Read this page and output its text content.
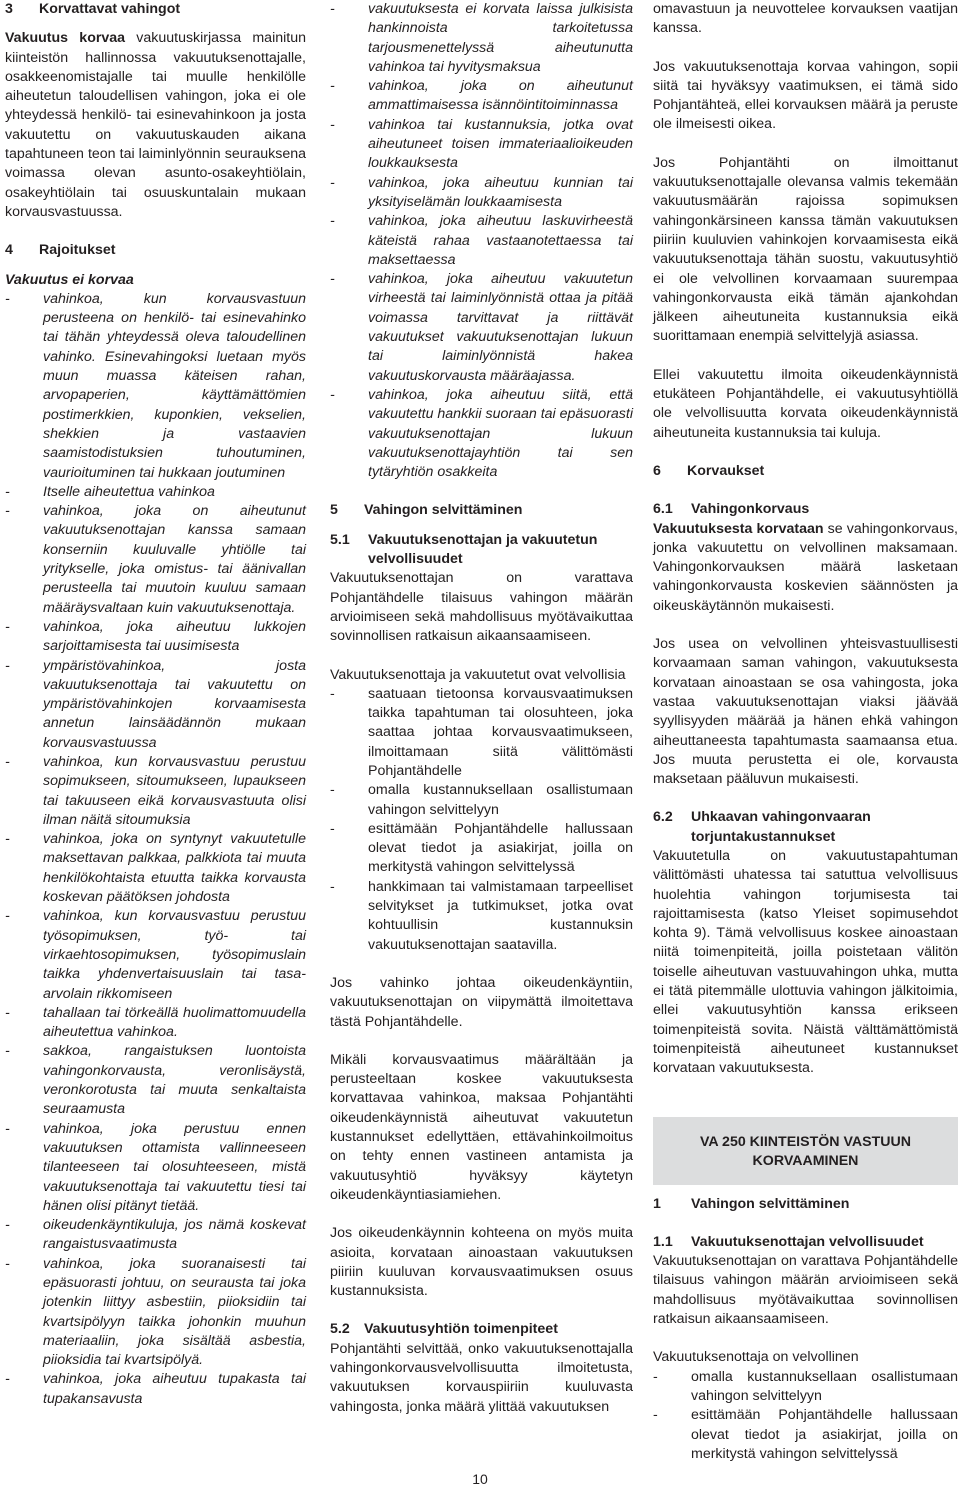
3 Korvattavat vahingot

Vakuutus korvaa vakuutuskirjassa mainitun kiinteistön hallinnossa vakuutuksenottajalle, osakkeenomistajalle tai muulle henkilölle aiheutetun taloudellisen vahingon, joka ei ole yhteydessä henkilö- tai esinevahinkoon ja josta vakuutettu on vakuutuskauden aikana tapahtuneen teon tai laiminlyönnin seurauksena voimassa olevan asunto-osakeyhtiölain, osakeyhtiölain tai osuuskuntalain mukaan korvausvastuussa.

4 Rajoitukset
Vakuutus ei korvaa
- vahinkoa, kun korvausvastuun perusteena on henkilö- tai esinevahinko tai tähän yhteydessä oleva taloudellinen vahinko. Esinevahingoksi luetaan myös muun muassa käteisen rahan, arvopaperien, käyttämättömien postimerkkien, kuponkien, vekselien, shekkien ja vastaavien saamistodistuksien tuhoutuminen, vaurioituminen tai hukkaan joutuminen
- Itselle aiheutettua vahinkoa
- vahinkoa, joka on aiheutunut vakuutuksenottajan kanssa samaan konserniin kuuluvalle yhtiölle tai yritykselle, joka omistus- tai äänivallan perusteella tai muutoin kuuluu samaan määräysvaltaan kuin vakuutuksenottaja.
- vahinkoa, joka aiheutuu lukkojen sarjoittamisesta tai uusimisesta
- ympäristövahinkoa, josta vakuutuksenottaja tai vakuutettu on ympäristövahinkojen korvaamisesta annetun lainsäädännön mukaan korvausvastuussa
- vahinkoa, kun korvausvastuu perustuu sopimukseen, sitoumukseen, lupaukseen tai takuuseen eikä korvausvastuuta olisi ilman näitä sitoumuksia
- vahinkoa, joka on syntynyt vakuutetulle maksettavan palkkaa, palkkiota tai muuta henkilökohtaista etuutta taikka korvausta koskevan päätöksen johdosta
- vahinkoa, kun korvausvastuu perustuu työsopimuksen, työ- tai virkaehtosopimuksen, työsopimuslain taikka yhdenvertaisuuslain tai tasa-arvolain rikkomiseen
- tahallaan tai törkeällä huolimattomuudella aiheutettua vahinkoa.
- sakkoa, rangaistuksen luontoista vahingonkorvausta, veronlisäystä, veronkorotusta tai muuta senkaltaista seuraamusta
- vahinkoa, joka perustuu ennen vakuutuksen ottamista vallinneeseen tilanteeseen tai olosuhteeseen, mistä vakuutuksenottaja tai vakuutettu tiesi tai hänen olisi pitänyt tietää.
- oikeudenkäyntikuluja, jos nämä koskevat rangaistusvaatimusta
- vahinkoa, joka suoranaisesti tai epäsuorasti johtuu, on seurausta tai joka jotenkin liittyy asbestiin, piioksidiin tai kvartsipölyyn taikka johonkin muuhun materiaaliin, joka sisältää asbestia, piioksidia tai kvartsipölyä.
- vahinkoa, joka aiheutuu tupakasta tai tupakansavusta
- vakuutuksesta ei korvata laissa julkisista hankinnoista tarkoitetussa tarjousmenettelyssä aiheutunutta vahinkoa tai hyvitysmaksua
- vahinkoa, joka on aiheutunut ammattimaisessa isännöintitoiminnassa
- vahinkoa tai kustannuksia, jotka ovat aiheutuneet toisen immateriaalioikeuden loukkauksesta
- vahinkoa, joka aiheutuu kunnian tai yksityiselämän loukkaamisesta
- vahinkoa, joka aiheutuu laskuvirheestä käteistä rahaa vastaanotettaessa tai maksettaessa
- vahinkoa, joka aiheutuu vakuutetun virheestä tai laiminlyönnistä ottaa ja pitää voimassa tarvittavat ja riittävät vakuutukset vakuutuksenottajan lukuun tai laiminlyönnistä hakea vakuutuskorvausta määräajassa.
- vahinkoa, joka aiheutuu siitä, että vakuutettu hankkii suoraan tai epäsuorasti vakuutuksenottajan lukuun vakuutuksenottajayhtiön tai sen tytäryhtiön osakkeita
5 Vahingon selvittäminen
5.1 Vakuutuksenottajan ja vakuutetun velvollisuudet

Vakuutuksenottajan on varattava Pohjantähdelle tilaisuus vahingon määrän arvioimiseen sekä mahdollisuus myötävaikuttaa sovinnollisen ratkaisun aikaansaamiseen.

Vakuutuksenottaja ja vakuutetut ovat velvollisia

- saatuaan tietoonsa korvausvaatimuksen taikka tapahtuman tai olosuhteen, joka saattaa johtaa korvausvaatimukseen, ilmoittamaan siitä välittömästi Pohjantähdelle
- omalla kustannuksellaan osallistumaan vahingon selvittelyyn
- esittämään Pohjantähdelle hallussaan olevat tiedot ja asiakirjat, joilla on merkitystä vahingon selvittelyssä
- hankkimaan tai valmistamaan tarpeelliset selvitykset ja tutkimukset, jotka ovat kohtuullisin kustannuksin vakuutuksenottajan saatavilla.

Jos vahinko johtaa oikeudenkäyntiin, vakuutuksenottajan on viipymättä ilmoitettava tästä Pohjantähdelle.

Mikäli korvausvaatimus määrältään ja perusteeltaan koskee vakuutuksesta korvattavaa vahinkoa, maksaa Pohjantähti oikeudenkäynnistä aiheutuvat vakuutetun kustannukset edellyttäen, ettävahinkoilmoitus on tehty ennen vastineen antamista ja vakuutusyhtiö hyväksyy käytetyn oikeudenkäyntiasiamiehen.

Jos oikeudenkäynnin kohteena on myös muita asioita, korvataan ainoastaan vakuutuksen piiriin kuuluvan korvausvaatimuksen osuus kustannuksista.

5.2 Vakuutusyhtiön toimenpiteet

Pohjantähti selvittää, onko vakuutuksenottajalla vahingonkorvausvelvollisuutta ilmoitetusta, vakuutuksen korvauspiiriin kuuluvasta vahingosta, jonka määrä ylittää vakuutuksen

omavastuun ja neuvottelee korvauksen vaatijan kanssa.

Jos vakuutuksenottaja korvaa vahingon, sopii siitä tai hyväksyy vaatimuksen, ei tämä sido Pohjantähteä, ellei korvauksen määrä ja peruste ole ilmeisesti oikea.

Jos Pohjantähti on ilmoittanut vakuutuksenottajalle olevansa valmis tekemään vakuutusmäärän rajoissa sopimuksen vahingonkärsineen kanssa tämän vakuutuksen piiriin kuuluvien vahinkojen korvaamisesta eikä vakuutuksenottaja tähän suostu, vakuutusyhtiö ei ole velvollinen korvaamaan suurempaa vahingonkorvausta eikä tämän ajankohdan jälkeen aiheutuneita kustannuksia eikä suorittamaan enempiä selvittelyjä asiassa.

Ellei vakuutettu ilmoita oikeudenkäynnistä etukäteen Pohjantähdelle, ei vakuutusyhtiöllä ole velvollisuutta korvata oikeudenkäynnistä aiheutuneita kustannuksia tai kuluja.

6 Korvaukset
6.1 Vahingonkorvaus

Vakuutuksesta korvataan se vahingonkorvaus, jonka vakuutettu on velvollinen maksamaan. Vahingonkorvauksen määrä lasketaan vahingonkorvausta koskevien säännösten ja oikeuskäytännön mukaisesti.

Jos usea on velvollinen yhteisvastuullisesti korvaamaan saman vahingon, vakuutuksesta korvataan ainoastaan se osa vahingosta, joka vastaa vakuutuksenottajan viaksi jäävää syyllisyyden määrää ja hänen ehkä vahingon aiheuttaneesta tapahtumasta saamaansa etua. Jos muuta perustetta ei ole, korvausta maksetaan pääluvun mukaisesti.

6.2 Uhkaavan vahingonvaaran torjuntakustannukset

Vakuutetulla on vakuutustapahtuman välittömästi uhatessa tai satuttua velvollisuus huolehtia vahingon torjumisesta tai rajoittamisesta (katso Yleiset sopimusehdot kohta 9). Tämä velvollisuus koskee ainoastaan niitä toimenpiteitä, joilla poistetaan välitön toiselle aiheutuvan vastuuvahingon uhka, mutta ei tätä pitemmälle ulottuvia vahingon jälkitoimia, ellei vakuutusyhtiön kanssa erikseen toimenpiteistä sovita. Näistä välttämättömistä toimenpiteistä aiheutuneet kustannukset korvataan vakuutuksesta.

VA 250 KIINTEISTÖN VASTUUN KORVAAMINEN
1 Vahingon selvittäminen
1.1 Vakuutuksenottajan velvollisuudet

Vakuutuksenottajan on varattava Pohjantähdelle tilaisuus vahingon määrän arvioimiseen sekä mahdollisuus myötävaikuttaa sovinnollisen ratkaisun aikaansaamiseen.

Vakuutuksenottaja on velvollinen

- omalla kustannuksellaan osallistumaan vahingon selvittelyyn
- esittämään Pohjantähdelle hallussaan olevat tiedot ja asiakirjat, joilla on merkitystä vahingon selvittelyssä
10
